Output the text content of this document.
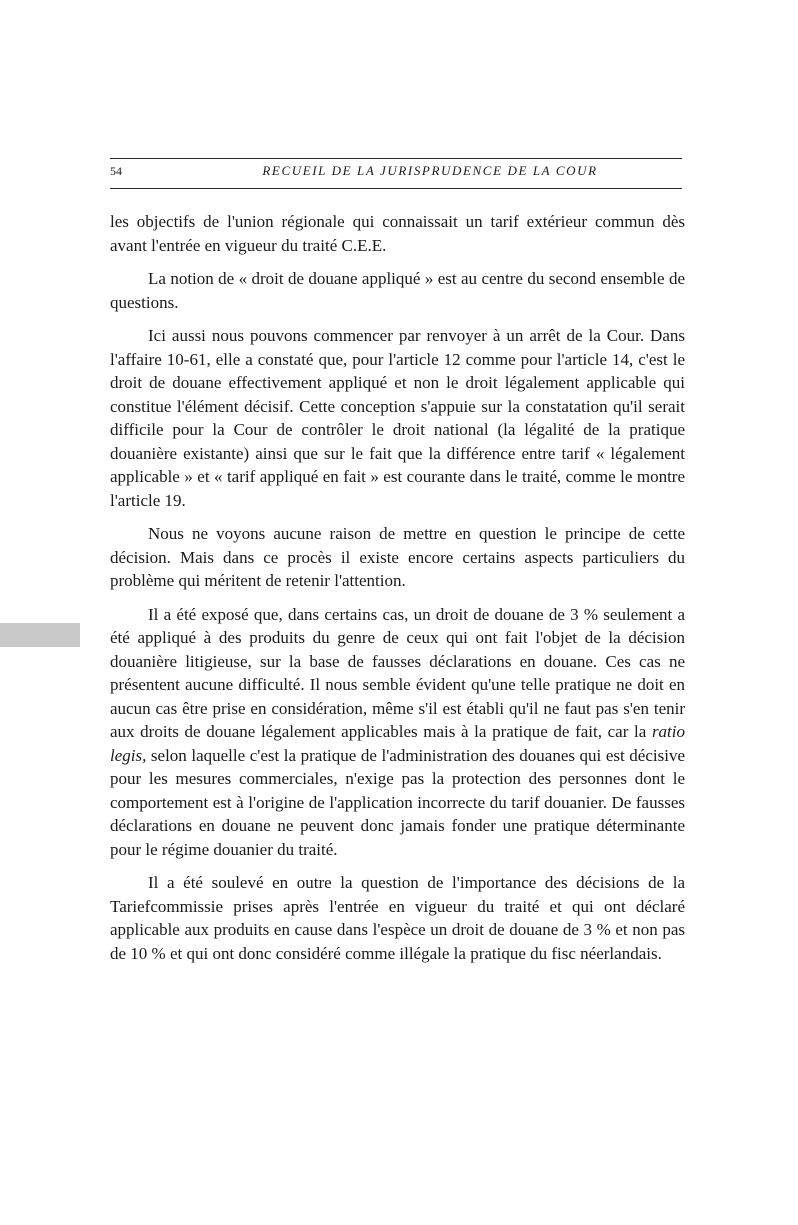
54	RECUEIL DE LA JURISPRUDENCE DE LA COUR

les objectifs de l'union régionale qui connaissait un tarif extérieur commun dès avant l'entrée en vigueur du traité C.E.E.

La notion de « droit de douane appliqué » est au centre du second ensemble de questions.

Ici aussi nous pouvons commencer par renvoyer à un arrêt de la Cour. Dans l'affaire 10-61, elle a constaté que, pour l'article 12 comme pour l'article 14, c'est le droit de douane effectivement appliqué et non le droit légalement applicable qui constitue l'élément décisif. Cette conception s'appuie sur la constatation qu'il serait difficile pour la Cour de contrôler le droit national (la légalité de la pratique douanière existante) ainsi que sur le fait que la différence entre tarif « légalement applicable » et « tarif appliqué en fait » est courante dans le traité, comme le montre l'article 19.

Nous ne voyons aucune raison de mettre en question le principe de cette décision. Mais dans ce procès il existe encore certains aspects particuliers du problème qui méritent de retenir l'attention.

Il a été exposé que, dans certains cas, un droit de douane de 3 % seulement a été appliqué à des produits du genre de ceux qui ont fait l'objet de la décision douanière litigieuse, sur la base de fausses déclarations en douane. Ces cas ne présentent aucune difficulté. Il nous semble évident qu'une telle pratique ne doit en aucun cas être prise en considération, même s'il est établi qu'il ne faut pas s'en tenir aux droits de douane légalement applicables mais à la pratique de fait, car la ratio legis, selon laquelle c'est la pratique de l'administration des douanes qui est décisive pour les mesures commerciales, n'exige pas la protection des personnes dont le comportement est à l'origine de l'application incorrecte du tarif douanier. De fausses déclarations en douane ne peuvent donc jamais fonder une pratique déterminante pour le régime douanier du traité.

Il a été soulevé en outre la question de l'importance des décisions de la Tariefcommissie prises après l'entrée en vigueur du traité et qui ont déclaré applicable aux produits en cause dans l'espèce un droit de douane de 3 % et non pas de 10 % et qui ont donc considéré comme illégale la pratique du fisc néerlandais.
